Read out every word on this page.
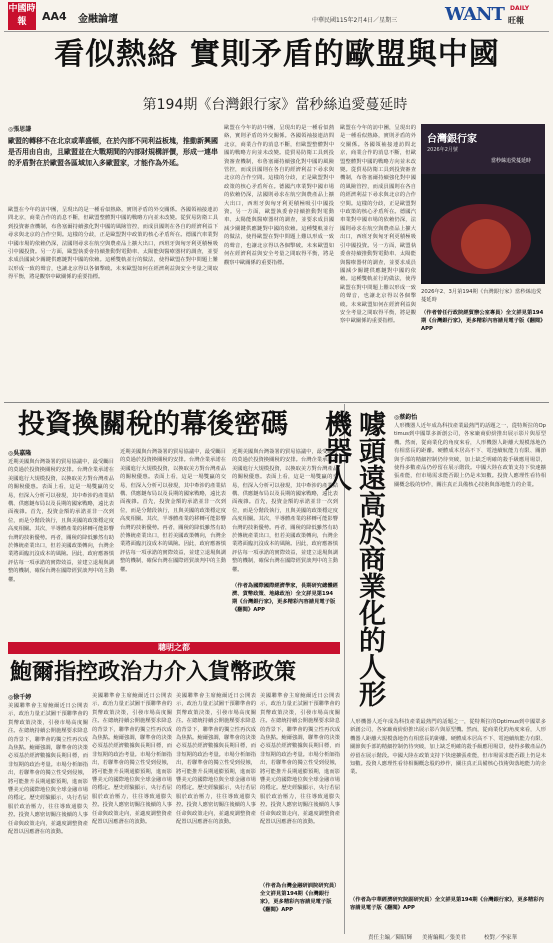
中國時報	AA4 金融論壇	中華民國115年2月4日／星期三	WANT DAILY
旺報
看似熱絡 實則矛盾的歐盟與中國
第194期《台灣銀行家》當秒絲追愛蔓延時
◎張思謙
歐盟的轉移不在北京或華盛頓，在於內部不同利益板塊，推動新興國是否用由自由，且歐盟並在大戰期間的內部財規構評價，形成一連串的矛盾對在於歐盟各區域加入多歐盟家，才能作為外延。
歐盟在今年的訪中團，呈現出的是一種看似熱絡，實則矛盾的外交關係。各國領袖接連訪問北京，商業合作的消息不斷，但歐盟整體對中國的戰略方向並未改變。從貿易防衛工具到投資審查機制，布魯塞爾持續強化對中國的風險管控，而成員國則在各自的經濟利益下尋求與北京的合作空間。這樣的分歧，正是歐盟對中政策的核心矛盾所在。德國汽車業對中國市場的依賴仍深，法國則尋求在航空與農產品上擴大出口，西班牙與匈牙利更積極吸引中國投資。另一方面，歐盟執委會持續推動對電動車、太陽能與醫療器材的調查，並要求成員國減少關鍵供應鏈對中國的依賴。這種雙軌並行的做法，使得歐盟在對中問題上難以形成一致的聲音，也讓北京得以各個擊破。未來歐盟如何在經濟利益與安全考量之間取得平衡，將是觀察中歐關係的重要指標。
歐盟在今年的訪中團，呈現出的是一種看似熱絡，實則矛盾的外交關係。各國領袖接連訪問北京，商業合作的消息不斷，但歐盟整體對中國的戰略方向並未改變。從貿易防衛工具到投資審查機制，布魯塞爾持續強化對中國的風險管控，而成員國則在各自的經濟利益下尋求與北京的合作空間。這樣的分歧，正是歐盟對中政策的核心矛盾所在。德國汽車業對中國市場的依賴仍深，法國則尋求在航空與農產品上擴大出口，西班牙與匈牙利更積極吸引中國投資。另一方面，歐盟執委會持續推動對電動車、太陽能與醫療器材的調查，並要求成員國減少關鍵供應鏈對中國的依賴。這種雙軌並行的做法，使得歐盟在對中問題上難以形成一致的聲音，也讓北京得以各個擊破。未來歐盟如何在經濟利益與安全考量之間取得平衡，將是觀察中歐關係的重要指標。
歐盟在今年的訪中團，呈現出的是一種看似熱絡，實則矛盾的外交關係。各國領袖接連訪問北京，商業合作的消息不斷，但歐盟整體對中國的戰略方向並未改變。從貿易防衛工具到投資審查機制，布魯塞爾持續強化對中國的風險管控，而成員國則在各自的經濟利益下尋求與北京的合作空間。這樣的分歧，正是歐盟對中政策的核心矛盾所在。德國汽車業對中國市場的依賴仍深，法國則尋求在航空與農產品上擴大出口，西班牙與匈牙利更積極吸引中國投資。另一方面，歐盟執委會持續推動對電動車、太陽能與醫療器材的調查，並要求成員國減少關鍵供應鏈對中國的依賴。這種雙軌並行的做法，使得歐盟在對中問題上難以形成一致的聲音，也讓北京得以各個擊破。未來歐盟如何在經濟利益與安全考量之間取得平衡，將是觀察中歐關係的重要指標。
台灣銀行家
2026年2月號
當秒絲追愛蔓延時
2026年2、3月第194期《台灣銀行家》當秒絲追愛蔓延時
（作者曾任行政院經貿辦公室專員）全文詳見第194期《台灣銀行家》，更多精彩內容請見電子版《翻閱》APP
投資換關稅的幕後密碼
◎吳嘉隆
近期美國與台灣簽署的貿易協議中，最受矚目的莫過於投資換關稅的安排。台灣企業承諾在美國進行大規模投資，以換取美方對台灣產品的關稅優惠。表面上看，這是一場雙贏的交易，但深入分析可以發現，其中牽涉的產業結構、供應鏈布局以及長期的國家戰略，遠比表面複雜。首先，投資金額的承諾並非一次到位，而是分階段執行，且與美國的政策穩定度高度相關。其次，半導體產業的移轉可能影響台灣的技術優勢。再者，關稅的降低雖然有助於傳統產業出口，但若美國政策轉向，台灣企業將面臨沉沒成本的風險。因此，政府應審慎評估每一項承諾的實際效益，並建立退場與調整的機制，確保台灣在國際經貿談判中的主動權。
近期美國與台灣簽署的貿易協議中，最受矚目的莫過於投資換關稅的安排。台灣企業承諾在美國進行大規模投資，以換取美方對台灣產品的關稅優惠。表面上看，這是一場雙贏的交易，但深入分析可以發現，其中牽涉的產業結構、供應鏈布局以及長期的國家戰略，遠比表面複雜。首先，投資金額的承諾並非一次到位，而是分階段執行，且與美國的政策穩定度高度相關。其次，半導體產業的移轉可能影響台灣的技術優勢。再者，關稅的降低雖然有助於傳統產業出口，但若美國政策轉向，台灣企業將面臨沉沒成本的風險。因此，政府應審慎評估每一項承諾的實際效益，並建立退場與調整的機制，確保台灣在國際經貿談判中的主動權。
近期美國與台灣簽署的貿易協議中，最受矚目的莫過於投資換關稅的安排。台灣企業承諾在美國進行大規模投資，以換取美方對台灣產品的關稅優惠。表面上看，這是一場雙贏的交易，但深入分析可以發現，其中牽涉的產業結構、供應鏈布局以及長期的國家戰略，遠比表面複雜。首先，投資金額的承諾並非一次到位，而是分階段執行，且與美國的政策穩定度高度相關。其次，半導體產業的移轉可能影響台灣的技術優勢。再者，關稅的降低雖然有助於傳統產業出口，但若美國政策轉向，台灣企業將面臨沉沒成本的風險。因此，政府應審慎評估每一項承諾的實際效益，並建立退場與調整的機制，確保台灣在國際經貿談判中的主動權。
（作者為國際國際經濟學家，長期研究總體經濟、貨幣政策、地緣政治）全文詳見第194期《台灣銀行家》，更多精彩內容請見電子版《翻閱》APP	噱頭遠高於商業化的人形機器人	◎蔡鈞怡
人形機器人近年成為科技產業最熱門的話題之一，從特斯拉的Optimus到中國眾多新創公司，各家廠商紛紛推出展示影片與原型機。然而，從商業化的角度來看，人形機器人距離大規模落地仍有相當長的距離。硬體成本居高不下、電池續航能力有限、關節與手部的精細控制仍待突破，加上缺乏明確的殺手級應用場景，使得多數產品仍停留在展示階段。中國大陸在政策支持下快速擴張產能，但市場需求能否跟上仍是未知數。投資人應理性看待相關概念股的炒作，關注真正具備核心技術與落地能力的企業。
人形機器人近年成為科技產業最熱門的話題之一，從特斯拉的Optimus到中國眾多新創公司，各家廠商紛紛推出展示影片與原型機。然而，從商業化的角度來看，人形機器人距離大規模落地仍有相當長的距離。硬體成本居高不下、電池續航能力有限、關節與手部的精細控制仍待突破，加上缺乏明確的殺手級應用場景，使得多數產品仍停留在展示階段。中國大陸在政策支持下快速擴張產能，但市場需求能否跟上仍是未知數。投資人應理性看待相關概念股的炒作，關注真正具備核心技術與落地能力的企業。
（作者為中華經濟研究院副研究員）全文詳見第194期《台灣銀行家》，更多精彩內容請見電子版《翻閱》APP
聰明之都
鮑爾指控政治力介入貨幣政策
◎徐千婷
美國聯準會主席鮑爾近日公開表示，政治力量正試圖干預聯準會的貨幣政策決策，引發市場高度關注。在總統持續公開施壓要求降息的背景下，聯準會的獨立性再次成為焦點。鮑爾強調，聯準會的決策必須基於經濟數據與長期目標，而非短期的政治考量。市場分析師指出，若聯準會的獨立性受到侵蝕，將可能推升長期通膨預期，進而影響美元的國際地位與全球金融市場的穩定。歷史經驗顯示，央行若屈服於政治壓力，往往導致通膨失控。投資人應密切關注後續的人事任命與政策走向，並適度調整資產配置以因應潛在的波動。
美國聯準會主席鮑爾近日公開表示，政治力量正試圖干預聯準會的貨幣政策決策，引發市場高度關注。在總統持續公開施壓要求降息的背景下，聯準會的獨立性再次成為焦點。鮑爾強調，聯準會的決策必須基於經濟數據與長期目標，而非短期的政治考量。市場分析師指出，若聯準會的獨立性受到侵蝕，將可能推升長期通膨預期，進而影響美元的國際地位與全球金融市場的穩定。歷史經驗顯示，央行若屈服於政治壓力，往往導致通膨失控。投資人應密切關注後續的人事任命與政策走向，並適度調整資產配置以因應潛在的波動。
美國聯準會主席鮑爾近日公開表示，政治力量正試圖干預聯準會的貨幣政策決策，引發市場高度關注。在總統持續公開施壓要求降息的背景下，聯準會的獨立性再次成為焦點。鮑爾強調，聯準會的決策必須基於經濟數據與長期目標，而非短期的政治考量。市場分析師指出，若聯準會的獨立性受到侵蝕，將可能推升長期通膨預期，進而影響美元的國際地位與全球金融市場的穩定。歷史經驗顯示，央行若屈服於政治壓力，往往導致通膨失控。投資人應密切關注後續的人事任命與政策走向，並適度調整資產配置以因應潛在的波動。
美國聯準會主席鮑爾近日公開表示，政治力量正試圖干預聯準會的貨幣政策決策，引發市場高度關注。在總統持續公開施壓要求降息的背景下，聯準會的獨立性再次成為焦點。鮑爾強調，聯準會的決策必須基於經濟數據與長期目標，而非短期的政治考量。市場分析師指出，若聯準會的獨立性受到侵蝕，將可能推升長期通膨預期，進而影響美元的國際地位與全球金融市場的穩定。歷史經驗顯示，央行若屈服於政治壓力，往往導致通膨失控。投資人應密切關注後續的人事任命與政策走向，並適度調整資產配置以因應潛在的波動。
（作者為台灣金融研訓院研究員）全文詳見第194期《台灣銀行家》，更多精彩內容請見電子版《翻閱》APP
責任主編／陳昭輝 美術編輯／張美君	校對／李家華
